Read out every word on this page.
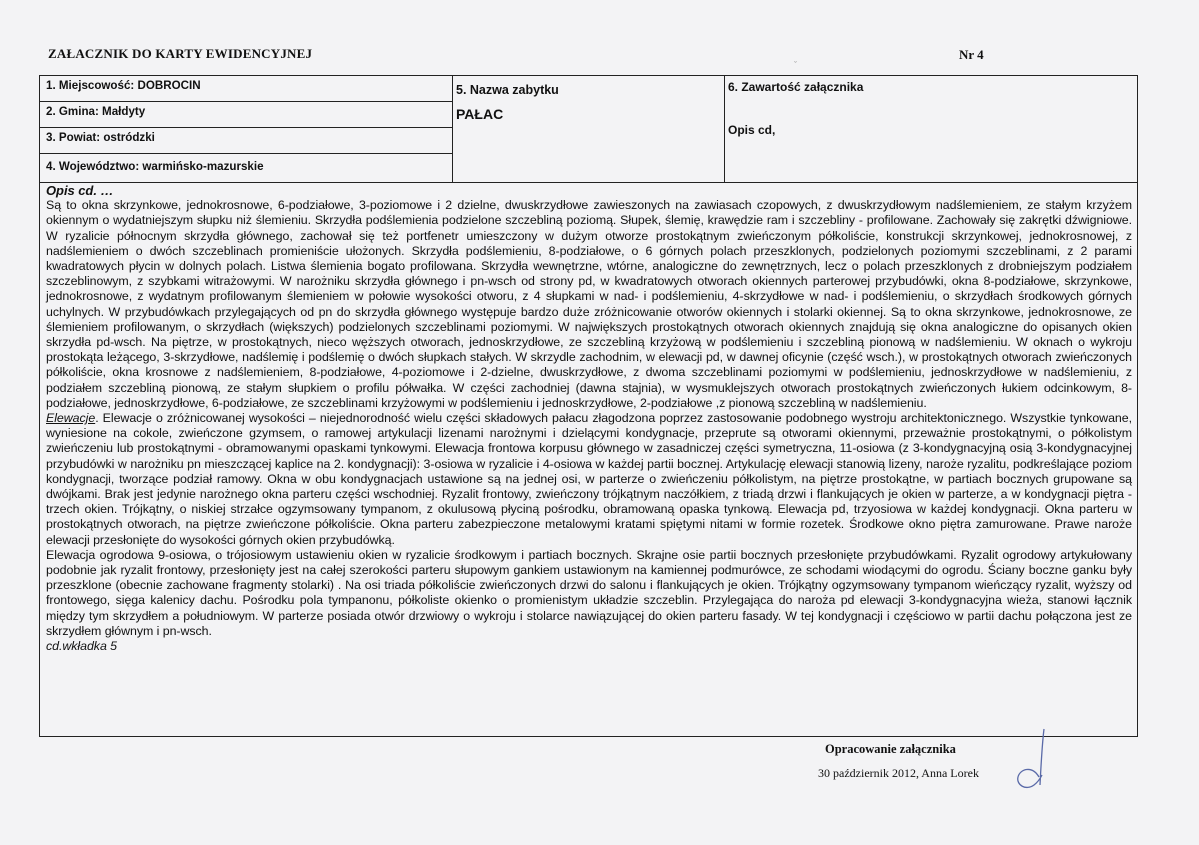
ZAŁACZNIK DO KARTY EWIDENCYJNEJ	Nr 4
ˇ
1. Miejscowość: DOBROCIN
2. Gmina: Małdyty
3. Powiat: ostródzki
4. Województwo: warmińsko-mazurskie
5. Nazwa zabytku
PAŁAC
6. Zawartość załącznika
Opis cd,

Opis cd. …

Są to okna skrzynkowe, jednokrosnowe, 6-podziałowe, 3-poziomowe i 2 dzielne, dwuskrzydłowe zawieszonych na zawiasach czopowych, z dwuskrzydłowym nadślemieniem, ze stałym krzyżem okiennym o wydatniejszym słupku niż ślemieniu. Skrzydła podślemienia podzielone szczebliną poziomą. Słupek, ślemię, krawędzie ram i szczebliny - profilowane. Zachowały się zakrętki dźwigniowe. W ryzalicie północnym skrzydła głównego, zachował się też portfenetr umieszczony w dużym otworze prostokątnym zwieńczonym półkoliście, konstrukcji skrzynkowej, jednokrosnowej, z nadślemieniem o dwóch szczeblinach promieniście ułożonych. Skrzydła podślemieniu, 8-podziałowe, o 6 górnych polach przeszklonych, podzielonych poziomymi szczeblinami, z 2 parami kwadratowych płycin w dolnych polach. Listwa ślemienia bogato profilowana. Skrzydła wewnętrzne, wtórne, analogiczne do zewnętrznych, lecz o polach przeszklonych z drobniejszym podziałem szczeblinowym, z szybkami witrażowymi. W narożniku skrzydła głównego i pn-wsch od strony pd, w kwadratowych otworach okiennych parterowej przybudówki, okna 8-podziałowe, skrzynkowe, jednokrosnowe, z wydatnym profilowanym ślemieniem w połowie wysokości otworu, z 4 słupkami w nad- i podślemieniu, 4-skrzydłowe w nad- i podślemieniu, o skrzydłach środkowych górnych uchylnych. W przybudówkach przylegających od pn do skrzydła głównego występuje bardzo duże zróżnicowanie otworów okiennych i stolarki okiennej. Są to okna skrzynkowe, jednokrosnowe, ze ślemieniem profilowanym, o skrzydłach (większych) podzielonych szczeblinami poziomymi. W największych prostokątnych otworach okiennych znajdują się okna analogiczne do opisanych okien skrzydła pd-wsch. Na piętrze, w prostokątnych, nieco węższych otworach, jednoskrzydłowe, ze szczebliną krzyżową w podślemieniu i szczebliną pionową w nadślemieniu. W oknach o wykroju prostokąta leżącego, 3-skrzydłowe, nadślemię i podślemię o dwóch słupkach stałych. W skrzydle zachodnim, w elewacji pd, w dawnej oficynie (część wsch.), w prostokątnych otworach zwieńczonych półkoliście, okna krosnowe z nadślemieniem, 8-podziałowe, 4-poziomowe i 2-dzielne, dwuskrzydłowe, z dwoma szczeblinami poziomymi w podślemieniu, jednoskrzydłowe w nadślemieniu, z podziałem szczebliną pionową, ze stałym słupkiem o profilu półwałka. W części zachodniej (dawna stajnia), w wysmuklejszych otworach prostokątnych zwieńczonych łukiem odcinkowym, 8-podziałowe, jednoskrzydłowe, 6-podziałowe, ze szczeblinami krzyżowymi w podślemieniu i jednoskrzydłowe, 2-podziałowe ,z pionową szczebliną w nadślemieniu.

Elewacje. Elewacje o zróżnicowanej wysokości – niejednorodność wielu części składowych pałacu złagodzona poprzez zastosowanie podobnego wystroju architektonicznego. Wszystkie tynkowane, wyniesione na cokole, zwieńczone gzymsem, o ramowej artykulacji lizenami narożnymi i dzielącymi kondygnacje, przeprute są otworami okiennymi, przeważnie prostokątnymi, o półkolistym zwieńczeniu lub prostokątnymi - obramowanymi opaskami tynkowymi. Elewacja frontowa korpusu głównego w zasadniczej części symetryczna, 11-osiowa (z 3-kondygnacyjną osią 3-kondygnacyjnej przybudówki w narożniku pn mieszczącej kaplice na 2. kondygnacji): 3-osiowa w ryzalicie i 4-osiowa w każdej partii bocznej. Artykulację elewacji stanowią lizeny, naroże ryzalitu, podkreślające poziom kondygnacji, tworzące podział ramowy. Okna w obu kondygnacjach ustawione są na jednej osi, w parterze o zwieńczeniu półkolistym, na piętrze prostokątne, w partiach bocznych grupowane są dwójkami. Brak jest jedynie narożnego okna parteru części wschodniej. Ryzalit frontowy, zwieńczony trójkątnym naczółkiem, z triadą drzwi i flankujących je okien w parterze, a w kondygnacji piętra - trzech okien. Trójkątny, o niskiej strzałce ogzymsowany tympanom, z okulusową płyciną pośrodku, obramowaną opaska tynkową. Elewacja pd, trzyosiowa w każdej kondygnacji. Okna parteru w prostokątnych otworach, na piętrze zwieńczone półkoliście. Okna parteru zabezpieczone metalowymi kratami spiętymi nitami w formie rozetek. Środkowe okno piętra zamurowane. Prawe naroże elewacji przesłonięte do wysokości górnych okien przybudówką.

Elewacja ogrodowa 9-osiowa, o trójosiowym ustawieniu okien w ryzalicie środkowym i partiach bocznych. Skrajne osie partii bocznych przesłonięte przybudówkami. Ryzalit ogrodowy artykułowany podobnie jak ryzalit frontowy, przesłonięty jest na całej szerokości parteru słupowym gankiem ustawionym na kamiennej podmurówce, ze schodami wiodącymi do ogrodu. Ściany boczne ganku były przeszklone (obecnie zachowane fragmenty stolarki) . Na osi triada półkoliście zwieńczonych drzwi do salonu i flankujących je okien. Trójkątny ogzymsowany tympanom wieńczący ryzalit, wyższy od frontowego, sięga kalenicy dachu. Pośrodku pola tympanonu, półkoliste okienko o promienistym układzie szczeblin. Przylegająca do naroża pd elewacji 3-kondygnacyjna wieża, stanowi łącznik między tym skrzydłem a południowym. W parterze posiada otwór drzwiowy o wykroju i stolarce nawiązującej do okien parteru fasady. W tej kondygnacji i częściowo w partii dachu połączona jest ze skrzydłem głównym i pn-wsch.

cd.wkładka 5

Opracowanie załącznika
30 październik 2012, Anna Lorek
